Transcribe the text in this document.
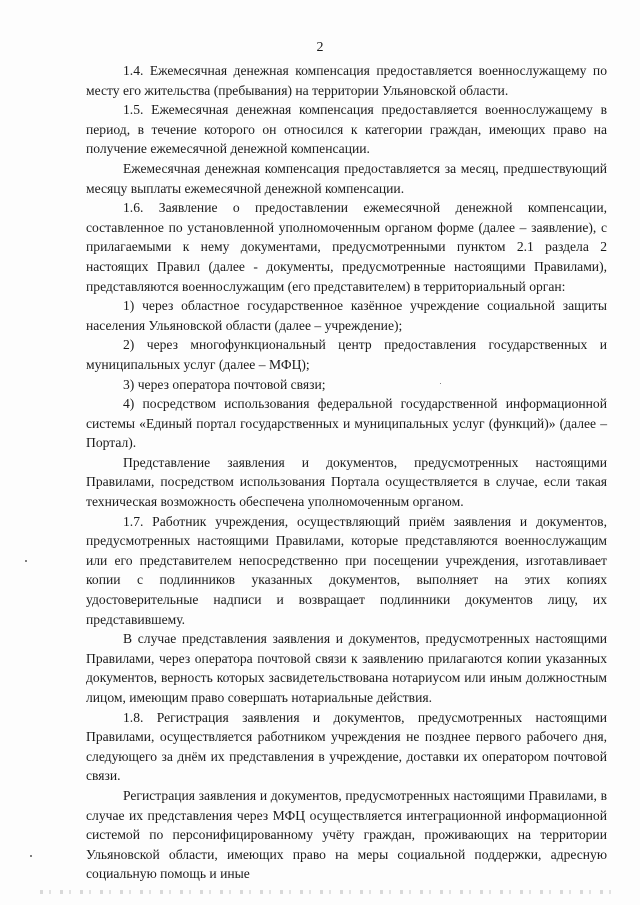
2

1.4. Ежемесячная денежная компенсация предоставляется военнослужащему по месту его жительства (пребывания) на территории Ульяновской области.

1.5. Ежемесячная денежная компенсация предоставляется военнослужащему в период, в течение которого он относился к категории граждан, имеющих право на получение ежемесячной денежной компенсации.

Ежемесячная денежная компенсация предоставляется за месяц, предшествующий месяцу выплаты ежемесячной денежной компенсации.

1.6. Заявление о предоставлении ежемесячной денежной компенсации, составленное по установленной уполномоченным органом форме (далее – заявление), с прилагаемыми к нему документами, предусмотренными пунктом 2.1 раздела 2 настоящих Правил (далее - документы, предусмотренные настоящими Правилами), представляются военнослужащим (его представителем) в территориальный орган:

1) через областное государственное казённое учреждение социальной защиты населения Ульяновской области (далее – учреждение);

2) через многофункциональный центр предоставления государственных и муниципальных услуг (далее – МФЦ);

3) через оператора почтовой связи;

4) посредством использования федеральной государственной информационной системы «Единый портал государственных и муниципальных услуг (функций)» (далее – Портал).

Представление заявления и документов, предусмотренных настоящими Правилами, посредством использования Портала осуществляется в случае, если такая техническая возможность обеспечена уполномоченным органом.

1.7. Работник учреждения, осуществляющий приём заявления и документов, предусмотренных настоящими Правилами, которые представляются военнослужащим или его представителем непосредственно при посещении учреждения, изготавливает копии с подлинников указанных документов, выполняет на этих копиях удостоверительные надписи и возвращает подлинники документов лицу, их представившему.

В случае представления заявления и документов, предусмотренных настоящими Правилами, через оператора почтовой связи к заявлению прилагаются копии указанных документов, верность которых засвидетельствована нотариусом или иным должностным лицом, имеющим право совершать нотариальные действия.

1.8. Регистрация заявления и документов, предусмотренных настоящими Правилами, осуществляется работником учреждения не позднее первого рабочего дня, следующего за днём их представления в учреждение, доставки их оператором почтовой связи.

Регистрация заявления и документов, предусмотренных настоящими Правилами, в случае их представления через МФЦ осуществляется интеграционной информационной системой по персонифицированному учёту граждан, проживающих на территории Ульяновской области, имеющих право на меры социальной поддержки, адресную социальную помощь и иные
